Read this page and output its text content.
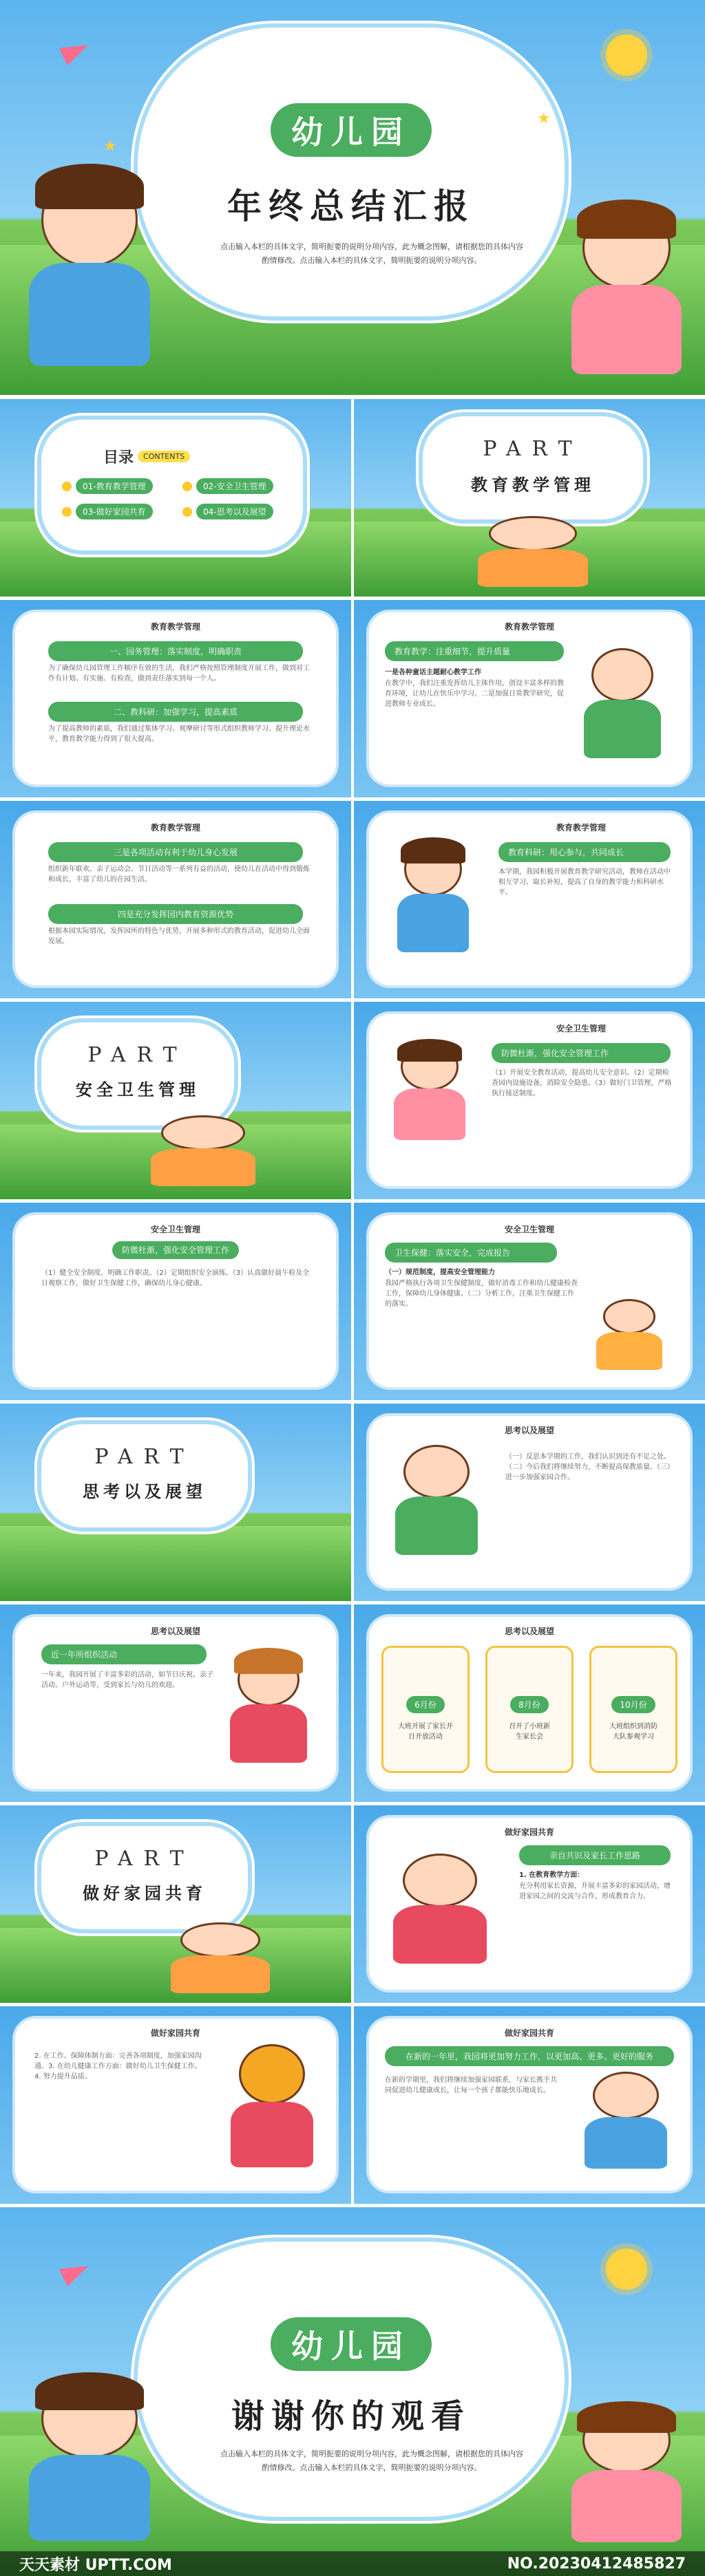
幼儿园
年终总结汇报
点击输入本栏的具体文字，简明扼要的说明分项内容，此为概念图解，请根据您的具体内容
酌情修改。点击输入本栏的具体文字，简明扼要的说明分项内容。
★
★
目录	CONTENTS
01-教育教学管理	02-安全卫生管理
03-做好家园共育	04-思考以及展望
PART
教育教学管理
教育教学管理
一、园务管理：落实制度，明确职责
为了确保幼儿园管理工作顺序有效的生活，我们严格按照管理制度开展工作，做到对工作有计划、有实施、有检查，做到责任落实到每一个人。
二、教科研：加强学习，提高素质
为了提高教师的素质，我们通过集体学习、观摩研讨等形式组织教师学习、提升理论水平，教育教学能力得到了很大提高。
教育教学管理
教育教学：注重细节，提升质量
一是各种童话主题耐心教学工作
在教学中，我们注重发挥幼儿主体作用，创设丰富多样的教育环境，让幼儿在快乐中学习。二是加强日常教学研究，促进教师专业成长。
教育教学管理
三是各项活动有利于幼儿身心发展
组织新年联欢、亲子运动会、节日活动等一系列有益的活动，使幼儿在活动中得到锻炼和成长，丰富了幼儿的在园生活。
四是充分发挥园内教育资源优势
根据本园实际情况，发挥园所的特色与优势，开展多种形式的教育活动，促进幼儿全面发展。
教育教学管理
教育科研：用心参与，共同成长
本学期，我园积极开展教育教学研究活动，教师在活动中相互学习、取长补短，提高了自身的教学能力和科研水平。
PART
安全卫生管理
安全卫生管理
防微杜渐，强化安全管理工作
（1）开展安全教育活动，提高幼儿安全意识。（2）定期检查园内设施设备，消除安全隐患。（3）做好门卫管理，严格执行接送制度。
安全卫生管理
防微杜渐，强化安全管理工作
（1）健全安全制度，明确工作职责。（2）定期组织安全演练。（3）认真做好晨午检及全日观察工作，做好卫生保健工作，确保幼儿身心健康。
安全卫生管理
卫生保健：落实安全，完成报告
（一）规范制度，提高安全管理能力
我园严格执行各项卫生保健制度，做好消毒工作和幼儿健康检查工作，保障幼儿身体健康。（二）分析工作，注重卫生保健工作的落实。
PART
思考以及展望
思考以及展望
（一）反思本学期的工作，我们认识到还有不足之处。（二）今后我们将继续努力，不断提高保教质量。（三）进一步加强家园合作。
思考以及展望
近一年所组织活动
一年来，我园开展了丰富多彩的活动，如节日庆祝、亲子活动、户外运动等，受到家长与幼儿的欢迎。
思考以及展望
6月份
大班开展了家长开
日开放活动
8月份
召开了小班新
生家长会
10月份
大班组织到消防
大队参观学习
PART
做好家园共育
做好家园共育
亲自共识及家长工作思路
1. 在教育教学方面：
充分利用家长资源，开展丰富多彩的家园活动，增进家园之间的交流与合作，形成教育合力。
做好家园共育
2. 在工作、保障体制方面：完善各项制度，加强家园沟通。3. 在幼儿健康工作方面：做好幼儿卫生保健工作。4. 努力提升品质。
做好家园共育
在新的一年里，我园将更加努力工作，以更加高、更多、更好的服务
在新的学期里，我们将继续加强家园联系，与家长携手共同促进幼儿健康成长，让每一个孩子都能快乐地成长。
幼儿园
谢谢你的观看
点击输入本栏的具体文字，简明扼要的说明分项内容，此为概念图解，请根据您的具体内容
酌情修改。点击输入本栏的具体文字，简明扼要的说明分项内容。
天天素材 UPTT.COM	NO.20230412485827
